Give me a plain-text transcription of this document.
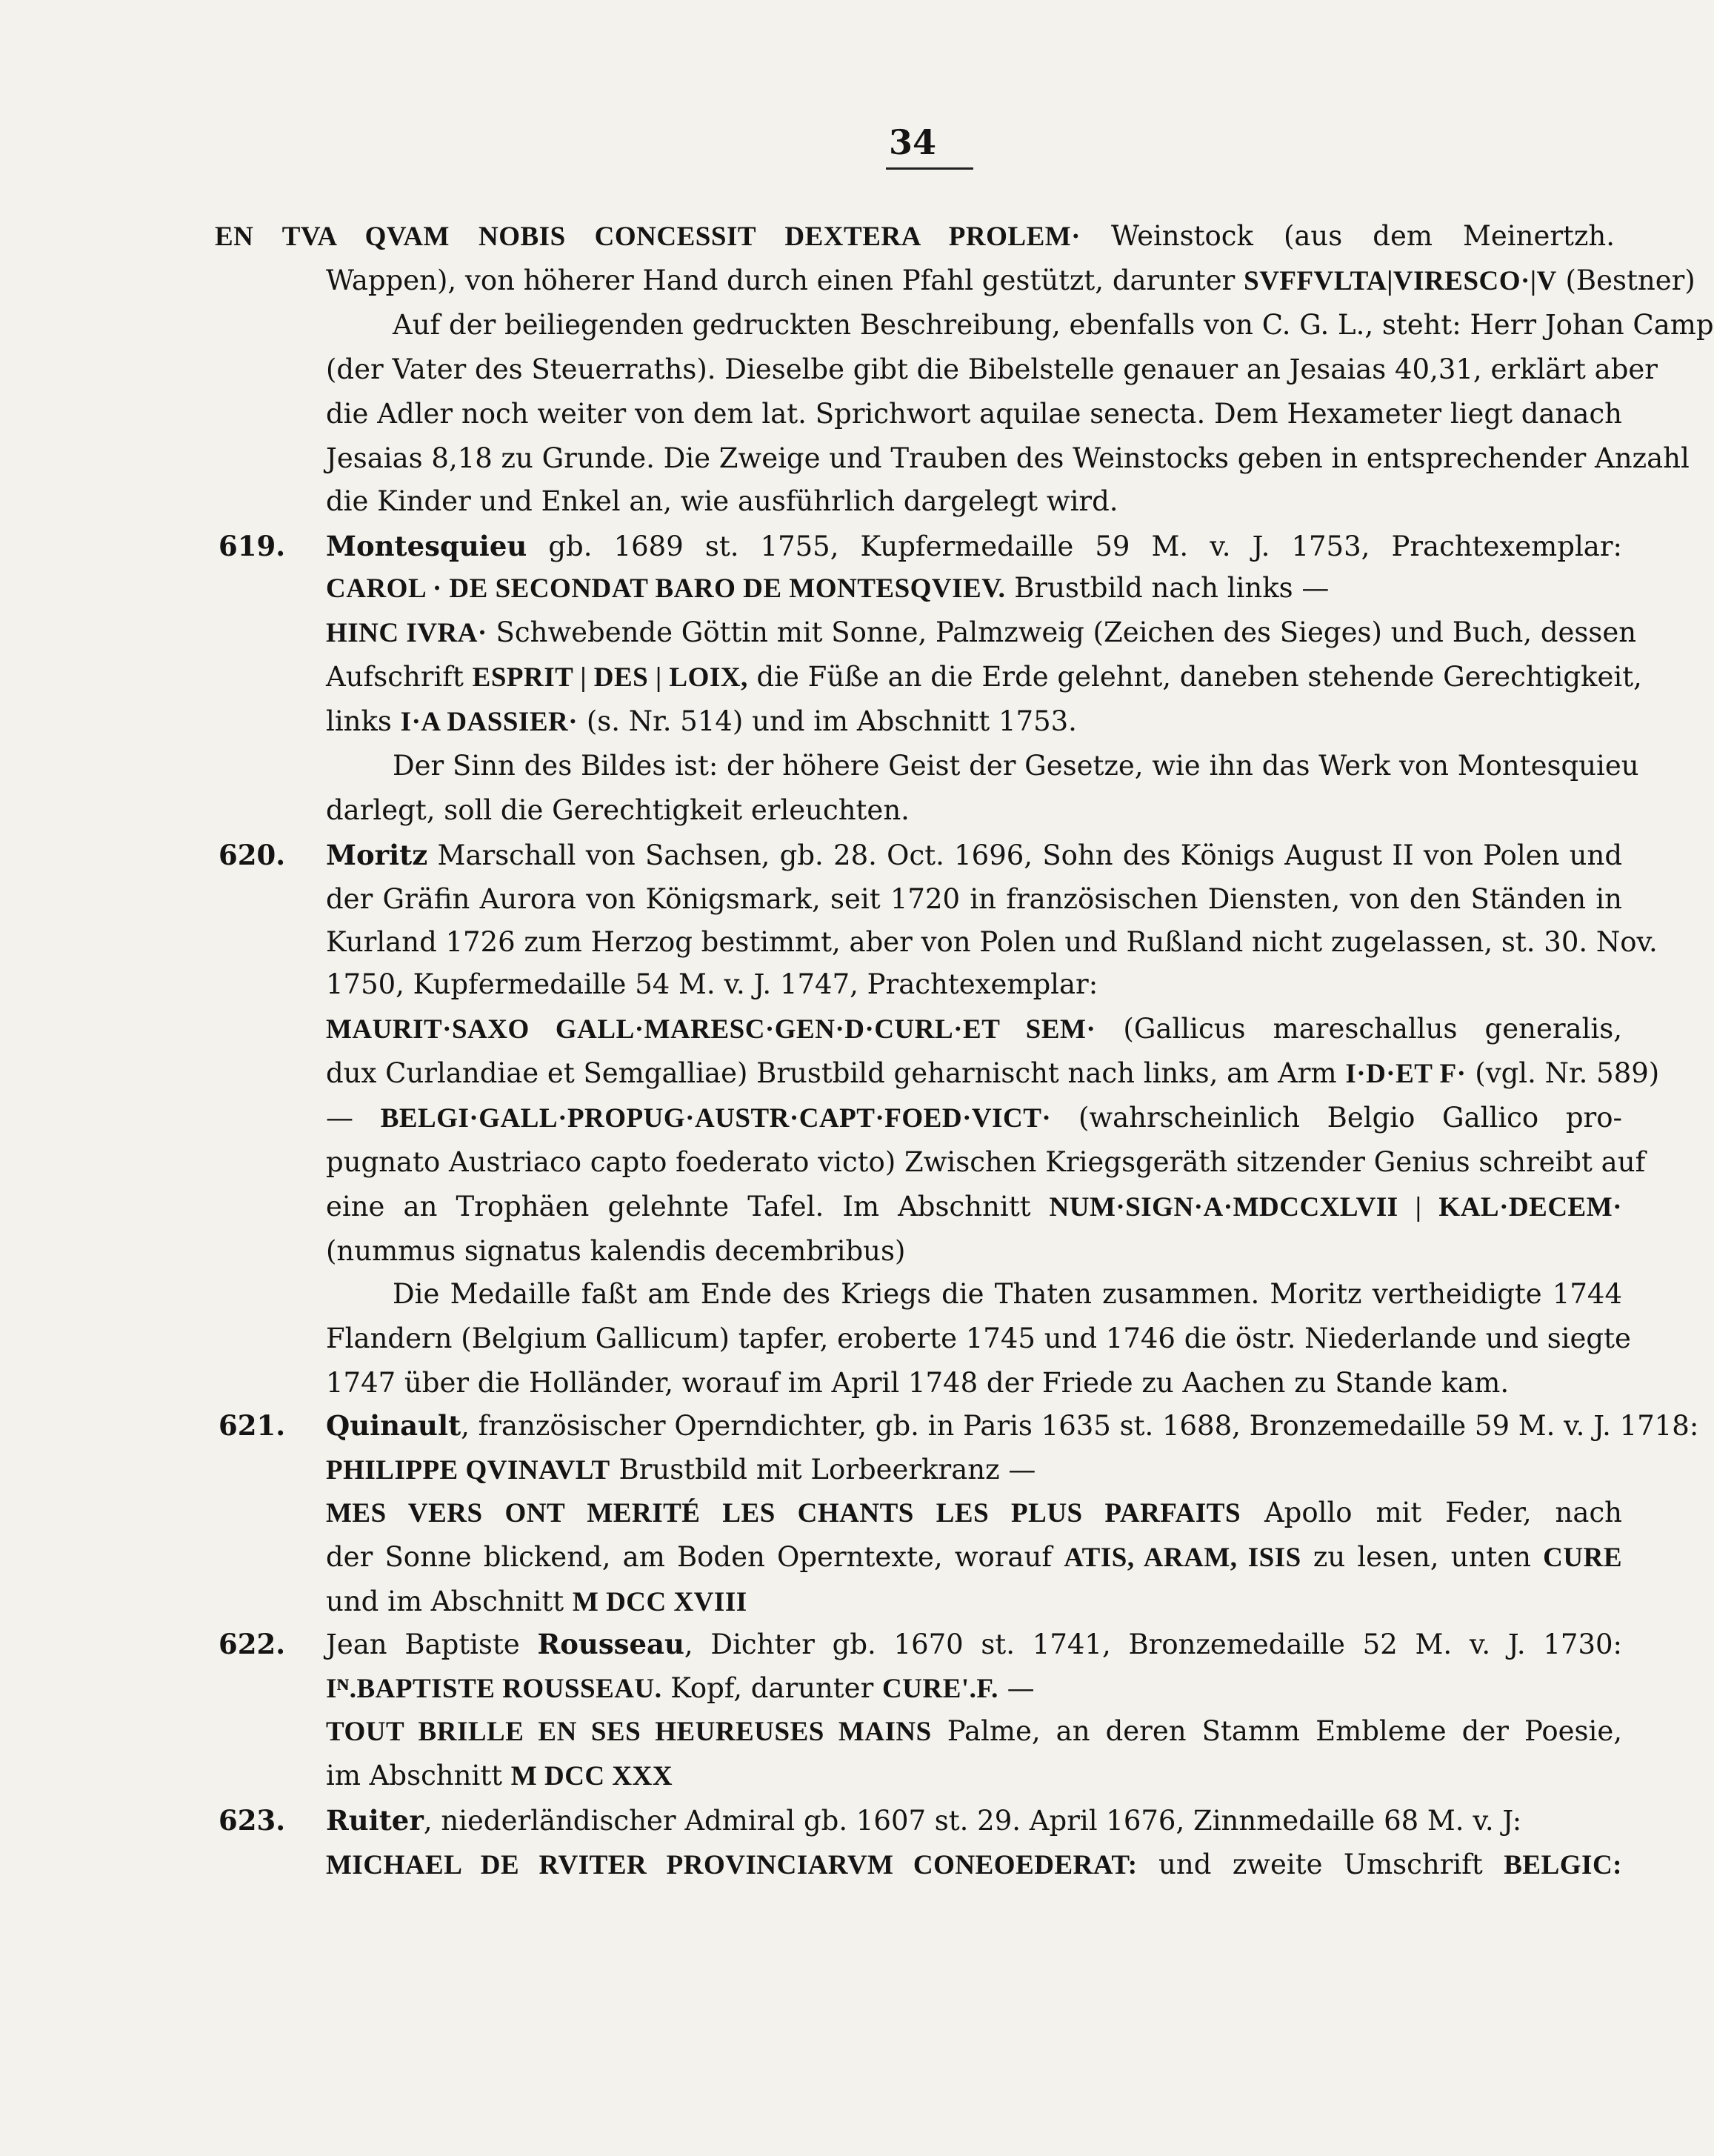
34
EN TVA QVAM NOBIS CONCESSIT DEXTERA PROLEM· Weinstock (aus dem Meinertzh.
Wappen), von höherer Hand durch einen Pfahl gestützt, darunter SVFFVLTA|VIRESCO·|V (Bestner)
Auf der beiliegenden gedruckten Beschreibung, ebenfalls von C. G. L., steht: Herr Johan Camp
(der Vater des Steuerraths). Dieselbe gibt die Bibelstelle genauer an Jesaias 40,31, erklärt aber
die Adler noch weiter von dem lat. Sprichwort aquilae senecta. Dem Hexameter liegt danach
Jesaias 8,18 zu Grunde. Die Zweige und Trauben des Weinstocks geben in entsprechender Anzahl
die Kinder und Enkel an, wie ausführlich dargelegt wird.
619. Montesquieu gb. 1689 st. 1755, Kupfermedaille 59 M. v. J. 1753, Prachtexemplar:
CAROL · DE SECONDAT BARO DE MONTESQVIEV. Brustbild nach links —
HINC IVRA· Schwebende Göttin mit Sonne, Palmzweig (Zeichen des Sieges) und Buch, dessen
Aufschrift ESPRIT | DES | LOIX, die Füße an die Erde gelehnt, daneben stehende Gerechtigkeit,
links I·A DASSIER· (s. Nr. 514) und im Abschnitt 1753.
Der Sinn des Bildes ist: der höhere Geist der Gesetze, wie ihn das Werk von Montesquieu
darlegt, soll die Gerechtigkeit erleuchten.
620. Moritz Marschall von Sachsen, gb. 28. Oct. 1696, Sohn des Königs August II von Polen und
der Gräfin Aurora von Königsmark, seit 1720 in französischen Diensten, von den Ständen in
Kurland 1726 zum Herzog bestimmt, aber von Polen und Rußland nicht zugelassen, st. 30. Nov.
1750, Kupfermedaille 54 M. v. J. 1747, Prachtexemplar:
MAURIT·SAXO GALL·MARESC·GEN·D·CURL·ET SEM· (Gallicus mareschallus generalis,
dux Curlandiae et Semgalliae) Brustbild geharnischt nach links, am Arm I·D·ET F· (vgl. Nr. 589)
— BELGI·GALL·PROPUG·AUSTR·CAPT·FOED·VICT· (wahrscheinlich Belgio Gallico pro-
pugnato Austriaco capto foederato victo) Zwischen Kriegsgeräth sitzender Genius schreibt auf
eine an Trophäen gelehnte Tafel. Im Abschnitt NUM·SIGN·A·MDCCXLVII | KAL·DECEM·
(nummus signatus kalendis decembribus)
Die Medaille faßt am Ende des Kriegs die Thaten zusammen. Moritz vertheidigte 1744
Flandern (Belgium Gallicum) tapfer, eroberte 1745 und 1746 die östr. Niederlande und siegte
1747 über die Holländer, worauf im April 1748 der Friede zu Aachen zu Stande kam.
621. Quinault, französischer Operndichter, gb. in Paris 1635 st. 1688, Bronzemedaille 59 M. v. J. 1718:
PHILIPPE QVINAVLT Brustbild mit Lorbeerkranz —
MES VERS ONT MERITÉ LES CHANTS LES PLUS PARFAITS Apollo mit Feder, nach
der Sonne blickend, am Boden Operntexte, worauf ATIS, ARAM, ISIS zu lesen, unten CURE
und im Abschnitt M DCC XVIII
622. Jean Baptiste Rousseau, Dichter gb. 1670 st. 1741, Bronzemedaille 52 M. v. J. 1730:
Iᴺ.BAPTISTE ROUSSEAU. Kopf, darunter CURE'.F. —
TOUT BRILLE EN SES HEUREUSES MAINS Palme, an deren Stamm Embleme der Poesie,
im Abschnitt M DCC XXX
623. Ruiter, niederländischer Admiral gb. 1607 st. 29. April 1676, Zinnmedaille 68 M. v. J:
MICHAEL DE RVITER PROVINCIARVM CONEOEDERAT: und zweite Umschrift BELGIC:
